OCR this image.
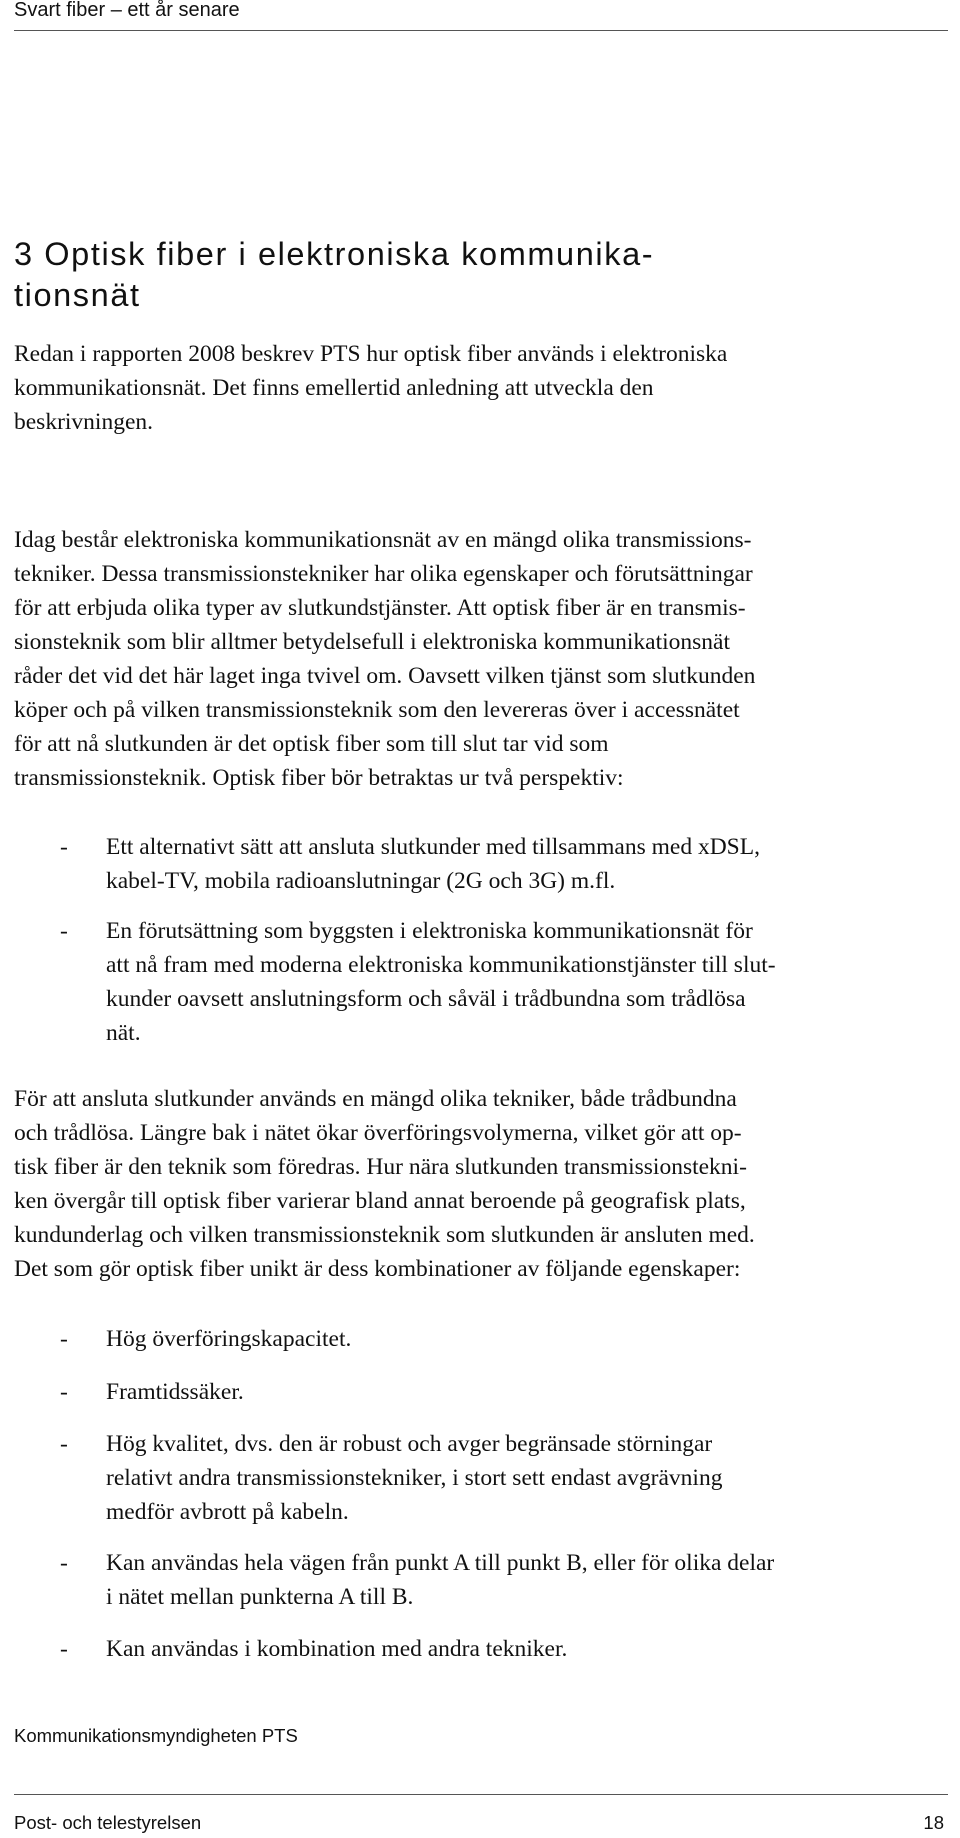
Svart fiber – ett år senare
3 Optisk fiber i elektroniska kommunika-
tionsnät

Redan i rapporten 2008 beskrev PTS hur optisk fiber används i elektroniska
kommunikationsnät. Det finns emellertid anledning att utveckla den
beskrivningen.

Idag består elektroniska kommunikationsnät av en mängd olika transmissions-
tekniker. Dessa transmissionstekniker har olika egenskaper och förutsättningar
för att erbjuda olika typer av slutkundstjänster. Att optisk fiber är en transmis-
sionsteknik som blir alltmer betydelsefull i elektroniska kommunikationsnät
råder det vid det här laget inga tvivel om. Oavsett vilken tjänst som slutkunden
köper och på vilken transmissionsteknik som den levereras över i accessnätet
för att nå slutkunden är det optisk fiber som till slut tar vid som
transmissionsteknik. Optisk fiber bör betraktas ur två perspektiv:

- Ett alternativt sätt att ansluta slutkunder med tillsammans med xDSL,
kabel-TV, mobila radioanslutningar (2G och 3G) m.fl.
- En förutsättning som byggsten i elektroniska kommunikationsnät för
att nå fram med moderna elektroniska kommunikationstjänster till slut-
kunder oavsett anslutningsform och såväl i trådbundna som trådlösa
nät.

För att ansluta slutkunder används en mängd olika tekniker, både trådbundna
och trådlösa. Längre bak i nätet ökar överföringsvolymerna, vilket gör att op-
tisk fiber är den teknik som föredras. Hur nära slutkunden transmissionstekni-
ken övergår till optisk fiber varierar bland annat beroende på geografisk plats,
kundunderlag och vilken transmissionsteknik som slutkunden är ansluten med.
Det som gör optisk fiber unikt är dess kombinationer av följande egenskaper:

- Hög överföringskapacitet.
- Framtidssäker.
- Hög kvalitet, dvs. den är robust och avger begränsade störningar
relativt andra transmissionstekniker, i stort sett endast avgrävning
medför avbrott på kabeln.
- Kan användas hela vägen från punkt A till punkt B, eller för olika delar
i nätet mellan punkterna A till B.
- Kan användas i kombination med andra tekniker.
Kommunikationsmyndigheten PTS
Post- och telestyrelsen	18
